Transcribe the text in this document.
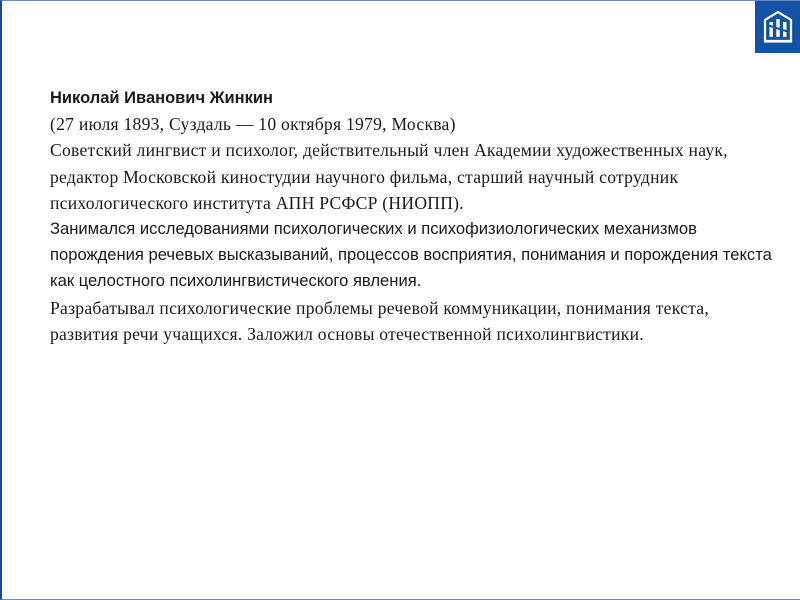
Николай Иванович Жинкин

(27 июля 1893, Суздаль — 10 октября 1979, Москва)

Советский лингвист и психолог, действительный член Академии художественных наук, редактор Московской киностудии научного фильма, старший научный сотрудник психологического института АПН РСФСР (НИОПП).

Занимался исследованиями психологических и психофизиологических механизмов порождения речевых высказываний, процессов восприятия, понимания и порождения текста как целостного психолингвистического явления.

Разрабатывал психологические проблемы речевой коммуникации, понимания текста, развития речи учащихся. Заложил основы отечественной психолингвистики.
